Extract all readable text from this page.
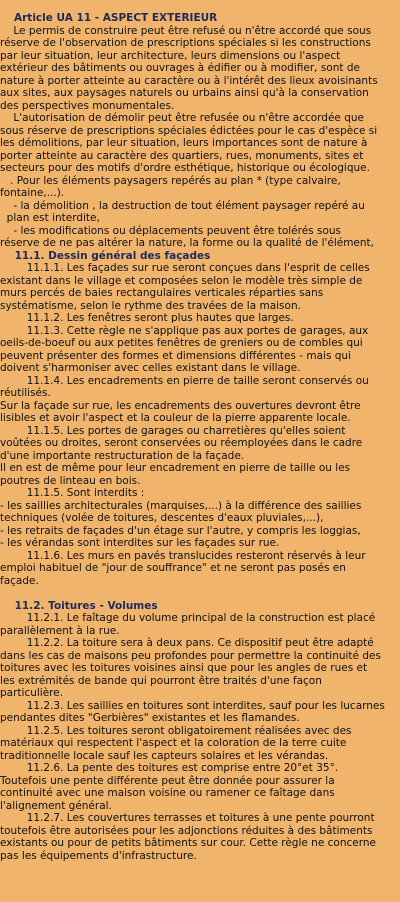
Article UA 11 - ASPECT EXTERIEUR
Le permis de construire peut être refusé ou n'être accordé que sous
réserve de l'observation de prescriptions spéciales si les constructions
par leur situation, leur architecture, leurs dimensions ou l'aspect
extérieur des bâtiments ou ouvrages à édifier ou à modifier, sont de
nature à porter atteinte au caractère ou à l'intérêt des lieux avoisinants
aux sites, aux paysages naturels ou urbains ainsi qu'à la conservation
des perspectives monumentales.
L'autorisation de démolir peut être refusée ou n'être accordée que
sous réserve de prescriptions spéciales édictées pour le cas d'espèce si
les démolitions, par leur situation, leurs importances sont de nature à
porter atteinte au caractère des quartiers, rues, monuments, sites et
secteurs pour des motifs d'ordre esthétique, historique ou écologique.
. Pour les éléments paysagers repérés au plan * (type calvaire,
fontaine,...).
- la démolition , la destruction de tout élément paysager repéré au
plan est interdite,
- les modifications ou déplacements peuvent être tolérés sous
réserve de ne pas altérer la nature, la forme ou la qualité de l'élément,
11.1. Dessin général des façades
11.1.1. Les façades sur rue seront conçues dans l'esprit de celles
existant dans le village et composées selon le modèle très simple de
murs percés de baies rectangulaires verticales réparties sans
systématisme, selon le rythme des travées de la maison.
11.1.2. Les fenêtres seront plus hautes que larges.
11.1.3. Cette règle ne s'applique pas aux portes de garages, aux
oeils-de-boeuf ou aux petites fenêtres de greniers ou de combles qui
peuvent présenter des formes et dimensions différentes - mais qui
doivent s'harmoniser avec celles existant dans le village.
11.1.4. Les encadrements en pierre de taille seront conservés ou
réutilisés.
Sur la façade sur rue, les encadrements des ouvertures devront être
lisibles et avoir l'aspect et la couleur de la pierre apparente locale.
11.1.5. Les portes de garages ou charretières qu'elles soient
voûtées ou droites, seront conservées ou réemployées dans le cadre
d'une importante restructuration de la façade.
Il en est de même pour leur encadrement en pierre de taille ou les
poutres de linteau en bois.
11.1.5. Sont interdits :
- les saillies architecturales (marquises,...) à la différence des saillies
techniques (volée de toitures, descentes d'eaux pluviales,...),
- les retraits de façades d'un étage sur l'autre, y compris les loggias,
- les vérandas sont interdites sur les façades sur rue.
11.1.6. Les murs en pavés translucides resteront réservés à leur
emploi habituel de "jour de souffrance" et ne seront pas posés en
façade.
11.2. Toitures - Volumes
11.2.1. Le faîtage du volume principal de la construction est placé
parallèlement à la rue.
11.2.2. La toiture sera à deux pans. Ce dispositif peut être adapté
dans les cas de maisons peu profondes pour permettre la continuité des
toitures avec les toitures voisines ainsi que pour les angles de rues et
les extrémités de bande qui pourront être traités d'une façon
particulière.
11.2.3. Les saillies en toitures sont interdites, sauf pour les lucarnes
pendantes dites "Gerbières" existantes et les flamandes.
11.2.5. Les toitures seront obligatoirement réalisées avec des
matériaux qui respectent l'aspect et la coloration de la terre cuite
traditionnelle locale sauf les capteurs solaires et les vérandas.
11.2.6. La pente des toitures est comprise entre 20°et 35°.
Toutefois une pente différente peut être donnée pour assurer la
continuité avec une maison voisine ou ramener ce faîtage dans
l'alignement général.
11.2.7. Les couvertures terrasses et toitures à une pente pourront
toutefois être autorisées pour les adjonctions réduites à des bâtiments
existants ou pour de petits bâtiments sur cour. Cette règle ne concerne
pas les équipements d'infrastructure.
